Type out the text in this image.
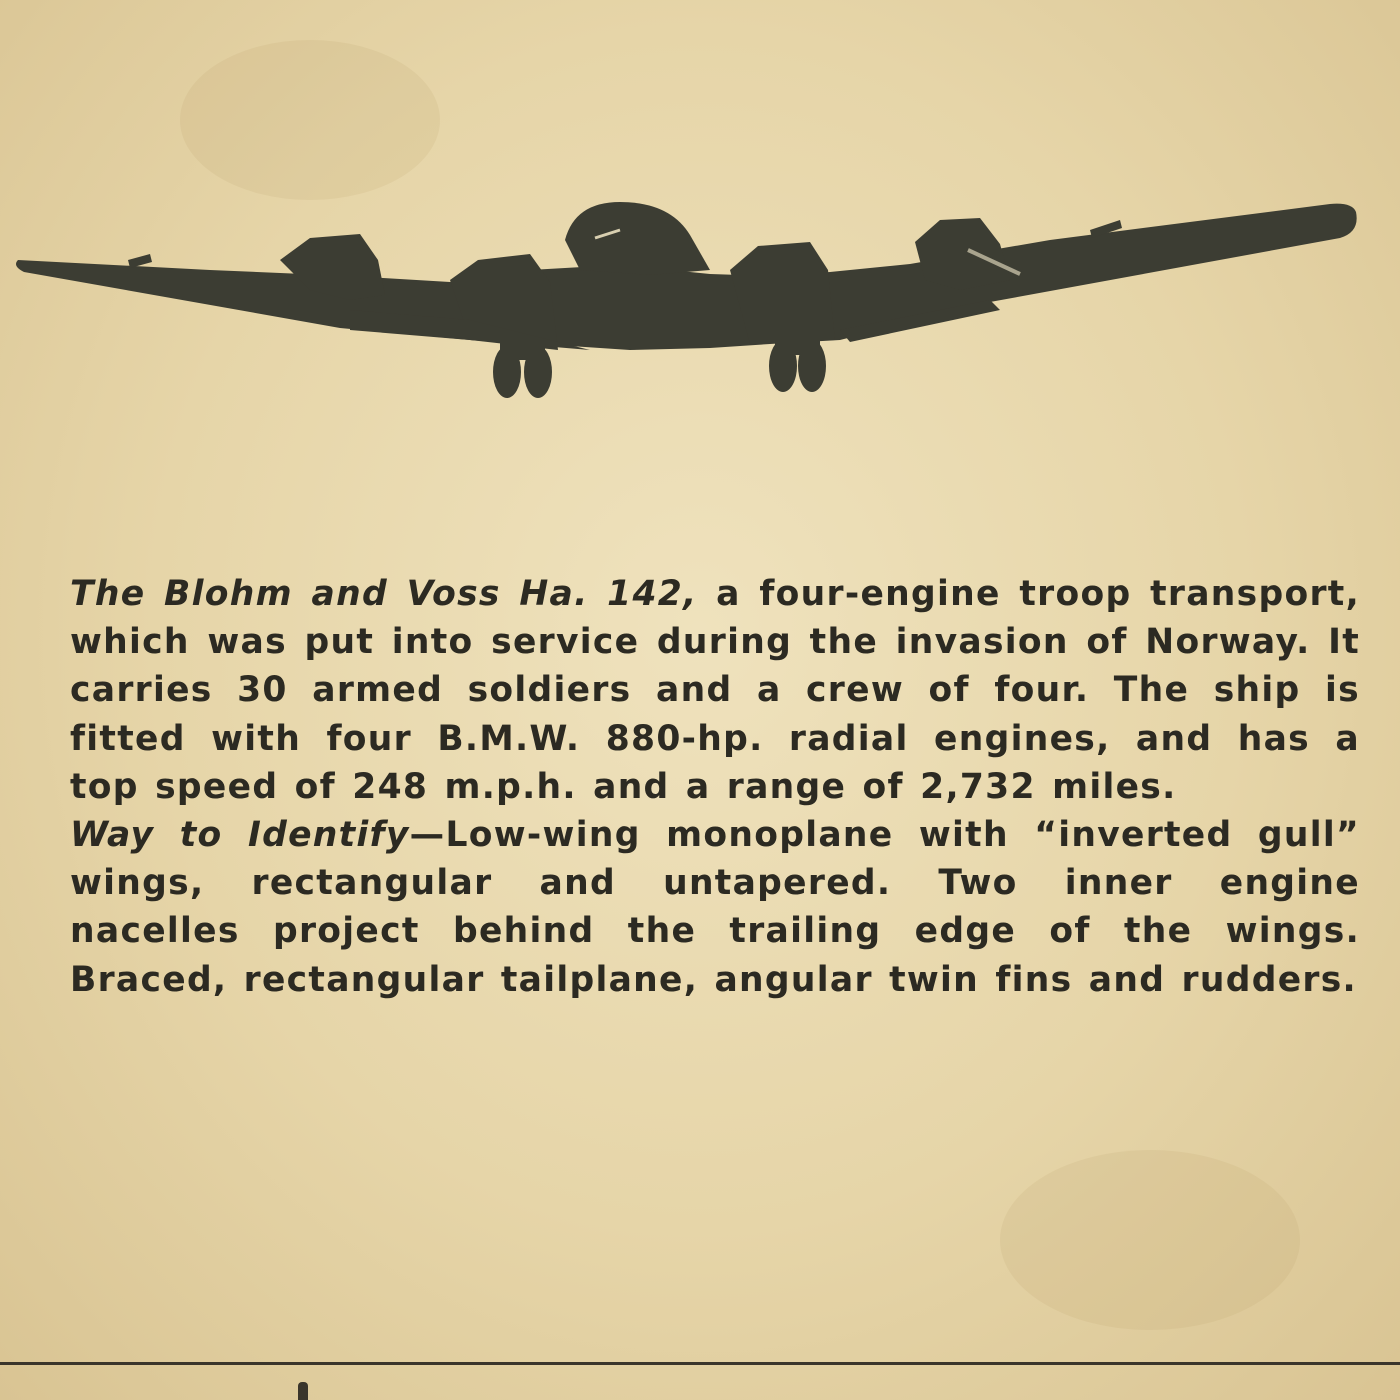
The Blohm and Voss Ha. 142, a four-engine troop transport, which was put into service during the invasion of Norway. It carries 30 armed soldiers and a crew of four. The ship is fitted with four B.M.W. 880-hp. radial engines, and has a top speed of 248 m.p.h. and a range of 2,732 miles.

Way to Identify—Low-wing monoplane with “inverted gull” wings, rectangular and untapered. Two inner engine nacelles project behind the trailing edge of the wings. Braced, rectangular tailplane, angular twin fins and rudders.
